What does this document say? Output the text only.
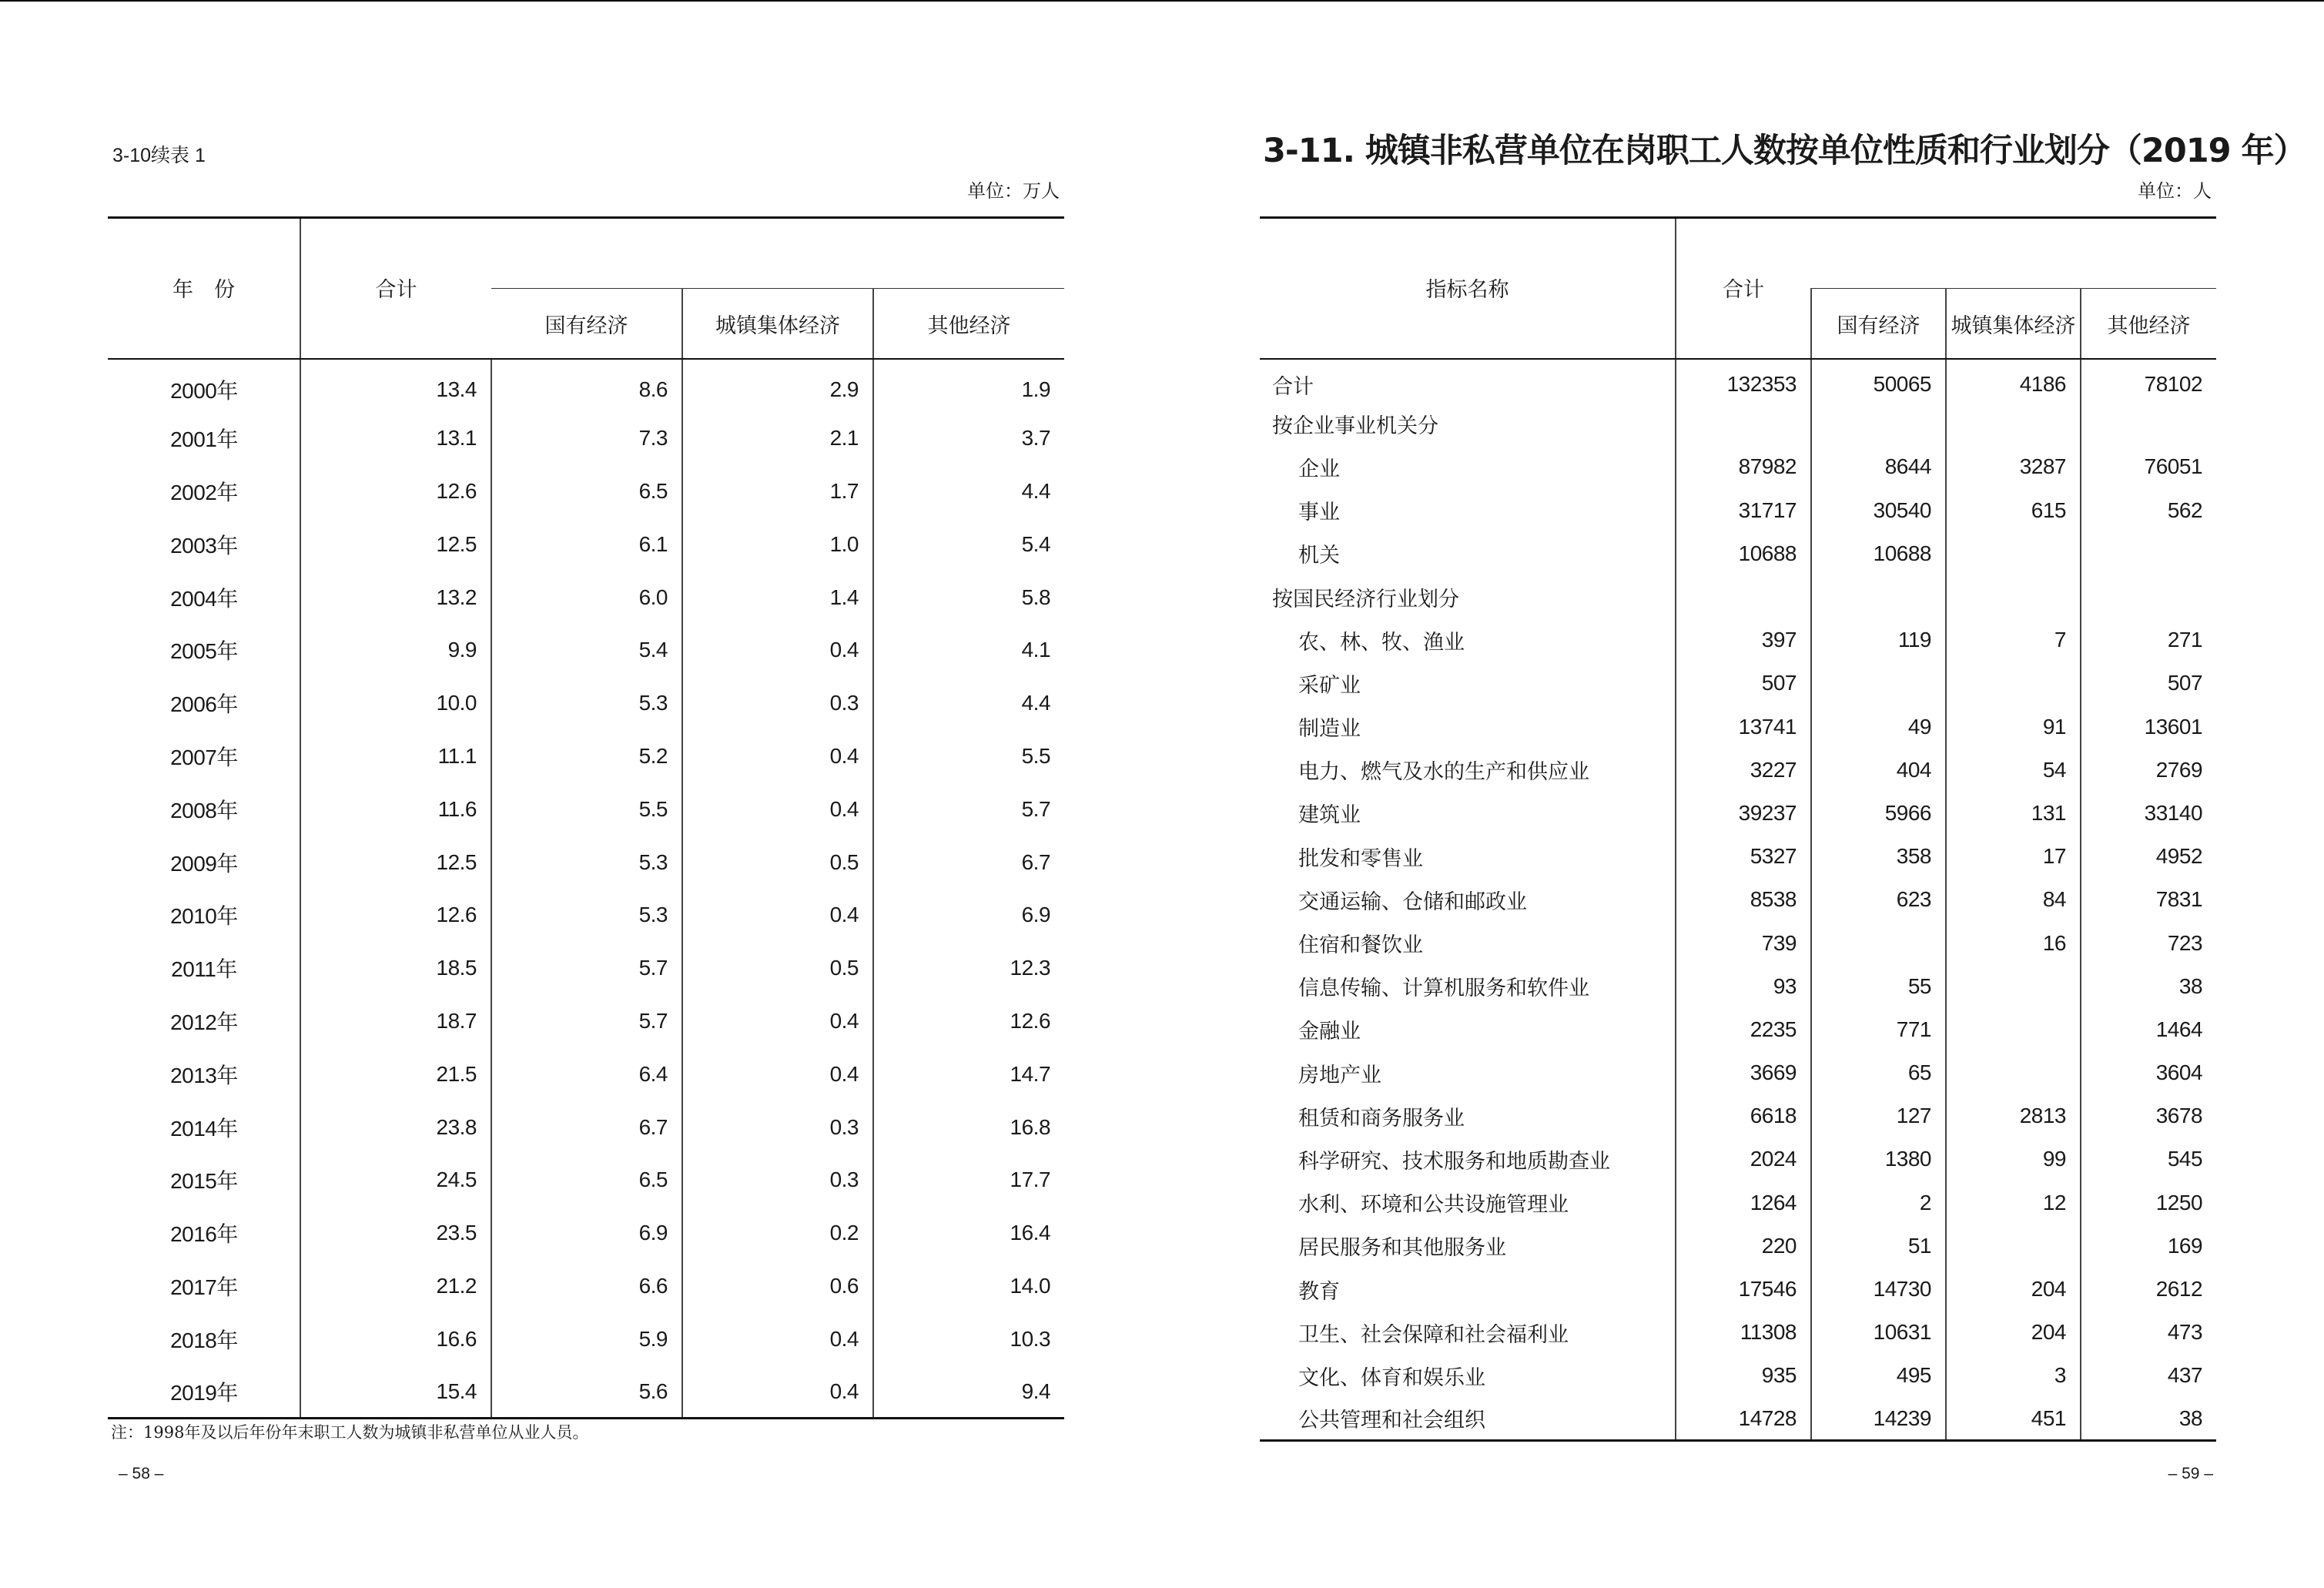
3-10续表 1
单位：万人
年　份	合计			
		国有经济	城镇集体经济	其他经济
2000年	13.4	8.6	2.9	1.9
2001年	13.1	7.3	2.1	3.7
2002年	12.6	6.5	1.7	4.4
2003年	12.5	6.1	1.0	5.4
2004年	13.2	6.0	1.4	5.8
2005年	9.9	5.4	0.4	4.1
2006年	10.0	5.3	0.3	4.4
2007年	11.1	5.2	0.4	5.5
2008年	11.6	5.5	0.4	5.7
2009年	12.5	5.3	0.5	6.7
2010年	12.6	5.3	0.4	6.9
2011年	18.5	5.7	0.5	12.3
2012年	18.7	5.7	0.4	12.6
2013年	21.5	6.4	0.4	14.7
2014年	23.8	6.7	0.3	16.8
2015年	24.5	6.5	0.3	17.7
2016年	23.5	6.9	0.2	16.4
2017年	21.2	6.6	0.6	14.0
2018年	16.6	5.9	0.4	10.3
2019年	15.4	5.6	0.4	9.4
注：1998年及以后年份年末职工人数为城镇非私营单位从业人员。
– 58 –
3-11. 城镇非私营单位在岗职工人数按单位性质和行业划分（2019 年）
单位：人
指标名称	合计			
		国有经济	城镇集体经济	其他经济
合计	132353	50065	4186	78102
按企业事业机关分				
企业	87982	8644	3287	76051
事业	31717	30540	615	562
机关	10688	10688		
按国民经济行业划分				
农、林、牧、渔业	397	119	7	271
采矿业	507			507
制造业	13741	49	91	13601
电力、燃气及水的生产和供应业	3227	404	54	2769
建筑业	39237	5966	131	33140
批发和零售业	5327	358	17	4952
交通运输、仓储和邮政业	8538	623	84	7831
住宿和餐饮业	739		16	723
信息传输、计算机服务和软件业	93	55		38
金融业	2235	771		1464
房地产业	3669	65		3604
租赁和商务服务业	6618	127	2813	3678
科学研究、技术服务和地质勘查业	2024	1380	99	545
水利、环境和公共设施管理业	1264	2	12	1250
居民服务和其他服务业	220	51		169
教育	17546	14730	204	2612
卫生、社会保障和社会福利业	11308	10631	204	473
文化、体育和娱乐业	935	495	3	437
公共管理和社会组织	14728	14239	451	38
– 59 –
